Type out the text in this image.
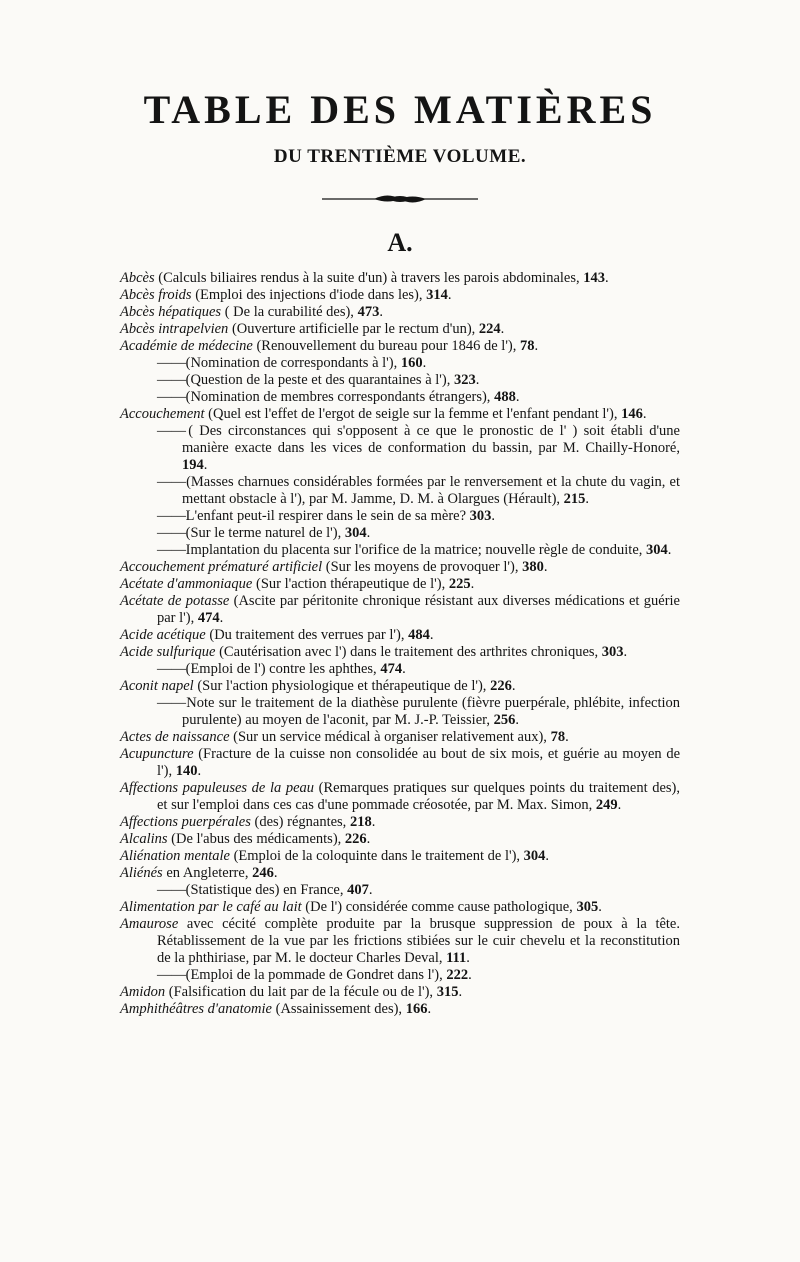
TABLE DES MATIÈRES
DU TRENTIÈME VOLUME.
A.

Abcès (Calculs biliaires rendus à la suite d'un) à travers les parois abdominales, 143.

Abcès froids (Emploi des injections d'iode dans les), 314.

Abcès hépatiques ( De la curabilité des), 473.

Abcès intrapelvien (Ouverture artificielle par le rectum d'un), 224.

Académie de médecine (Renouvellement du bureau pour 1846 de l'), 78.

—— (Nomination de correspondants à l'), 160.

—— (Question de la peste et des quarantaines à l'), 323.

—— (Nomination de membres correspondants étrangers), 488.

Accouchement (Quel est l'effet de l'ergot de seigle sur la femme et l'enfant pendant l'), 146.

—— ( Des circonstances qui s'opposent à ce que le pronostic de l' ) soit établi d'une manière exacte dans les vices de conformation du bassin, par M. Chailly-Honoré, 194.

—— (Masses charnues considérables formées par le renversement et la chute du vagin, et mettant obstacle à l'), par M. Jamme, D. M. à Olargues (Hérault), 215.

—— L'enfant peut-il respirer dans le sein de sa mère? 303.

—— (Sur le terme naturel de l'), 304.

—— Implantation du placenta sur l'orifice de la matrice; nouvelle règle de conduite, 304.

Accouchement prématuré artificiel (Sur les moyens de provoquer l'), 380.

Acétate d'ammoniaque (Sur l'action thérapeutique de l'), 225.

Acétate de potasse (Ascite par péritonite chronique résistant aux diverses médications et guérie par l'), 474.

Acide acétique (Du traitement des verrues par l'), 484.

Acide sulfurique (Cautérisation avec l') dans le traitement des arthrites chroniques, 303.

—— (Emploi de l') contre les aphthes, 474.

Aconit napel (Sur l'action physiologique et thérapeutique de l'), 226.

—— Note sur le traitement de la diathèse purulente (fièvre puerpérale, phlébite, infection purulente) au moyen de l'aconit, par M. J.-P. Teissier, 256.

Actes de naissance (Sur un service médical à organiser relativement aux), 78.

Acupuncture (Fracture de la cuisse non consolidée au bout de six mois, et guérie au moyen de l'), 140.

Affections papuleuses de la peau (Remarques pratiques sur quelques points du traitement des), et sur l'emploi dans ces cas d'une pommade créosotée, par M. Max. Simon, 249.

Affections puerpérales (des) régnantes, 218.

Alcalins (De l'abus des médicaments), 226.

Aliénation mentale (Emploi de la coloquinte dans le traitement de l'), 304.

Aliénés en Angleterre, 246.

—— (Statistique des) en France, 407.

Alimentation par le café au lait (De l') considérée comme cause pathologique, 305.

Amaurose avec cécité complète produite par la brusque suppression de poux à la tête. Rétablissement de la vue par les frictions stibiées sur le cuir chevelu et la reconstitution de la phthiriase, par M. le docteur Charles Deval, 111.

—— (Emploi de la pommade de Gondret dans l'), 222.

Amidon (Falsification du lait par de la fécule ou de l'), 315.

Amphithéâtres d'anatomie (Assainissement des), 166.
